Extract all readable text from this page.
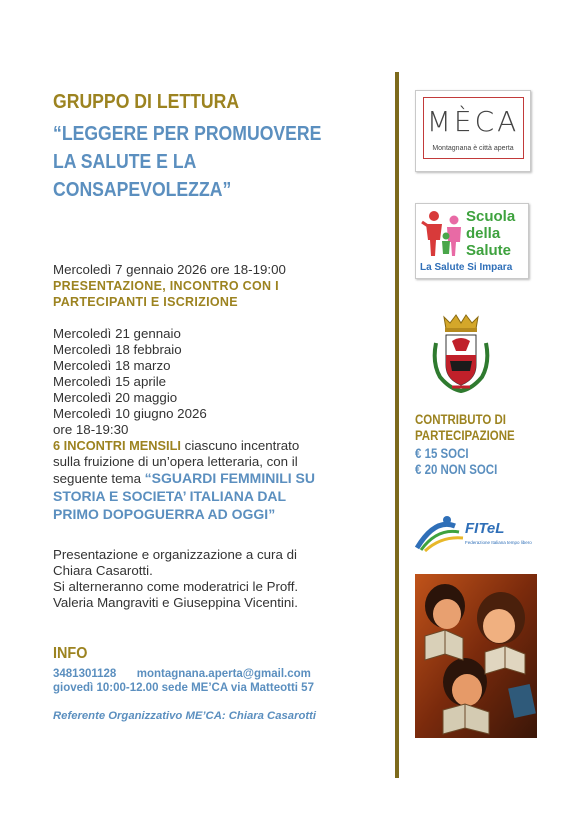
GRUPPO DI LETTURA
“LEGGERE PER PROMUOVERE
LA SALUTE E LA
CONSAPEVOLEZZA”
Mercoledì 7 gennaio 2026 ore 18-19:00
PRESENTAZIONE, INCONTRO CON I
PARTECIPANTI E ISCRIZIONE
Mercoledì 21 gennaio
Mercoledì 18 febbraio
Mercoledì 18 marzo
Mercoledì 15 aprile
Mercoledì 20 maggio
Mercoledì 10 giugno 2026
ore 18-19:30
6 INCONTRI MENSILI ciascuno incentrato
sulla fruizione di un’opera letteraria, con il
seguente tema “SGUARDI FEMMINILI SU
STORIA E SOCIETA’ ITALIANA DAL
PRIMO DOPOGUERRA AD OGGI”
Presentazione e organizzazione a cura di
Chiara Casarotti.
Si alterneranno come moderatrici le Proff.
Valeria Mangraviti e Giuseppina Vicentini.
INFO
3481301128 montagnana.aperta@gmail.com
giovedì 10:00-12.00 sede ME’CA via Matteotti 57
Referente Organizzativo ME’CA: Chiara Casarotti
MÈCA
Montagnana è città aperta
Scuola
della
Salute
La Salute Si Impara
CONTRIBUTO DI
PARTECIPAZIONE
€ 15 SOCI
€ 20 NON SOCI
FITeL
Federazione Italiana tempo libero
